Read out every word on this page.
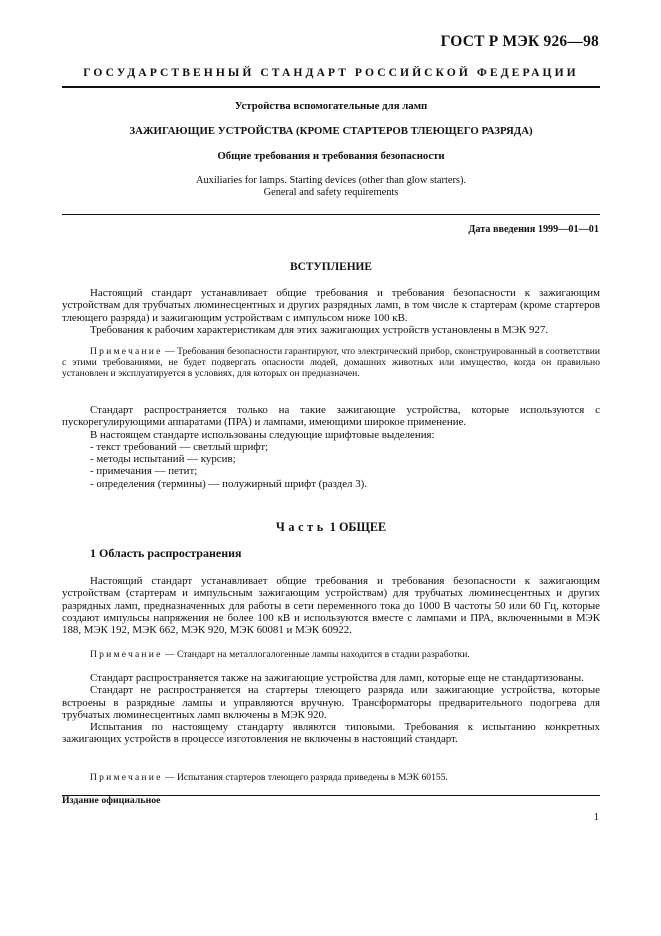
ГОСТ Р МЭК 926—98
ГОСУДАРСТВЕННЫЙ СТАНДАРТ РОССИЙСКОЙ ФЕДЕРАЦИИ
Устройства вспомогательные для ламп
ЗАЖИГАЮЩИЕ УСТРОЙСТВА (КРОМЕ СТАРТЕРОВ ТЛЕЮЩЕГО РАЗРЯДА)
Общие требования и требования безопасности
Auxiliaries for lamps. Starting devices (other than glow starters).
General and safety requirements
Дата введения 1999—01—01
ВСТУПЛЕНИЕ

Настоящий стандарт устанавливает общие требования и требования безопасности к зажигающим устройствам для трубчатых люминесцентных и других разрядных ламп, в том числе к стартерам (кроме стартеров тлеющего разряда) и зажигающим устройствам с импульсом ниже 100 кВ.

Требования к рабочим характеристикам для этих зажигающих устройств установлены в МЭК 927.

Примечание — Требования безопасности гарантируют, что электрический прибор, сконструированный в соответствии с этими требованиями, не будет подвергать опасности людей, домашних животных или имущество, когда он правильно установлен и эксплуатируется в условиях, для которых он предназначен.

Стандарт распространяется только на такие зажигающие устройства, которые используются с пускорегулирующими аппаратами (ПРА) и лампами, имеющими широкое применение.

В настоящем стандарте использованы следующие шрифтовые выделения:

- текст требований — светлый шрифт;
- методы испытаний — курсив;
- примечания — петит;
- определения (термины) — полужирный шрифт (раздел 3).
Часть 1 ОБЩЕЕ
1 Область распространения

Настоящий стандарт устанавливает общие требования и требования безопасности к зажигающим устройствам (стартерам и импульсным зажигающим устройствам) для трубчатых люминесцентных и других разрядных ламп, предназначенных для работы в сети переменного тока до 1000 В частоты 50 или 60 Гц, которые создают импульсы напряжения не более 100 кВ и используются вместе с лампами и ПРА, включенными в МЭК 188, МЭК 192, МЭК 662, МЭК 920, МЭК 60081 и МЭК 60922.

Примечание — Стандарт на металлогалогенные лампы находится в стадии разработки.

Стандарт распространяется также на зажигающие устройства для ламп, которые еще не стандартизованы.

Стандарт не распространяется на стартеры тлеющего разряда или зажигающие устройства, которые встроены в разрядные лампы и управляются вручную. Трансформаторы предварительного подогрева для трубчатых люминесцентных ламп включены в МЭК 920.

Испытания по настоящему стандарту являются типовыми. Требования к испытанию конкретных зажигающих устройств в процессе изготовления не включены в настоящий стандарт.

Примечание — Испытания стартеров тлеющего разряда приведены в МЭК 60155.

Издание официальное
1
